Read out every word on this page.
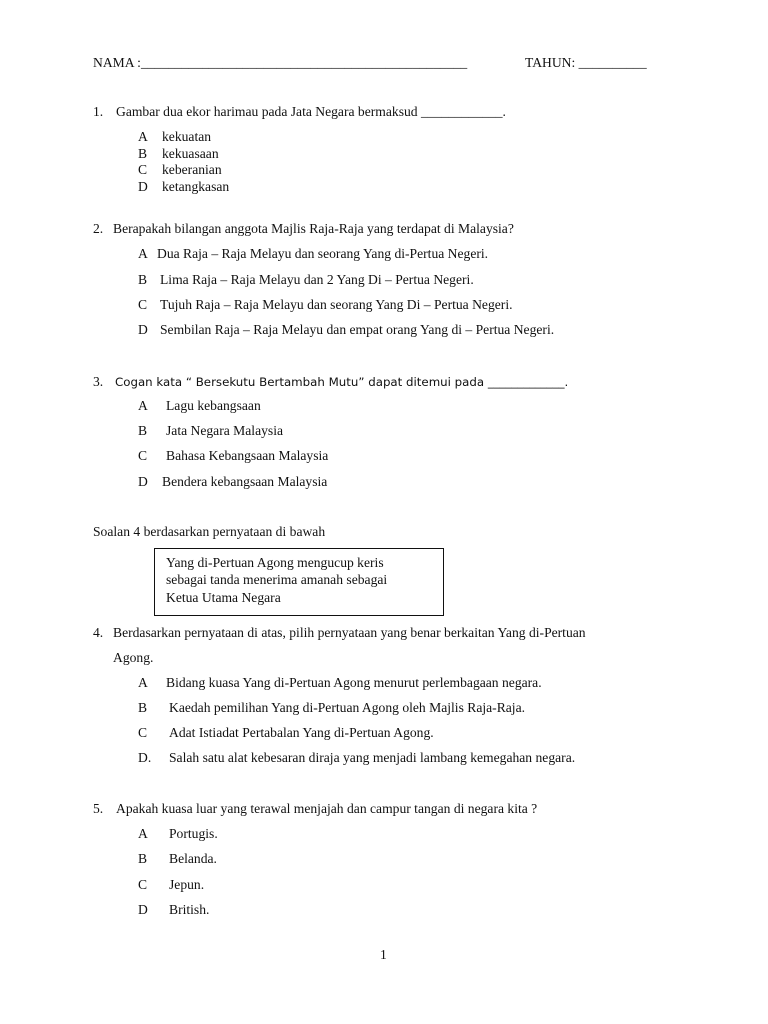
NAMA :________________________________________________	TAHUN: __________
1. Gambar dua ekor harimau pada Jata Negara bermaksud ____________.
A kekuatan
B kekuasaan
C keberanian
D ketangkasan
2. Berapakah bilangan anggota Majlis Raja-Raja yang terdapat di Malaysia?
A Dua Raja – Raja Melayu dan seorang Yang di-Pertua Negeri.
B Lima Raja – Raja Melayu dan 2 Yang Di – Pertua Negeri.
C Tujuh Raja – Raja Melayu dan seorang Yang Di – Pertua Negeri.
D Sembilan Raja – Raja Melayu dan empat orang Yang di – Pertua Negeri.
3. Cogan kata “ Bersekutu Bertambah Mutu” dapat ditemui pada _____________.
A Lagu kebangsaan
B Jata Negara Malaysia
C Bahasa Kebangsaan Malaysia
D Bendera kebangsaan Malaysia
Soalan 4 berdasarkan pernyataan di bawah
Yang di-Pertuan Agong mengucup keris
sebagai tanda menerima amanah sebagai
Ketua Utama Negara
4. Berdasarkan pernyataan di atas, pilih pernyataan yang benar berkaitan Yang di-Pertuan
Agong.
A Bidang kuasa Yang di-Pertuan Agong menurut perlembagaan negara.
B Kaedah pemilihan Yang di-Pertuan Agong oleh Majlis Raja-Raja.
C Adat Istiadat Pertabalan Yang di-Pertuan Agong.
D. Salah satu alat kebesaran diraja yang menjadi lambang kemegahan negara.
5. Apakah kuasa luar yang terawal menjajah dan campur tangan di negara kita ?
A Portugis.
B Belanda.
C Jepun.
D British.
1
